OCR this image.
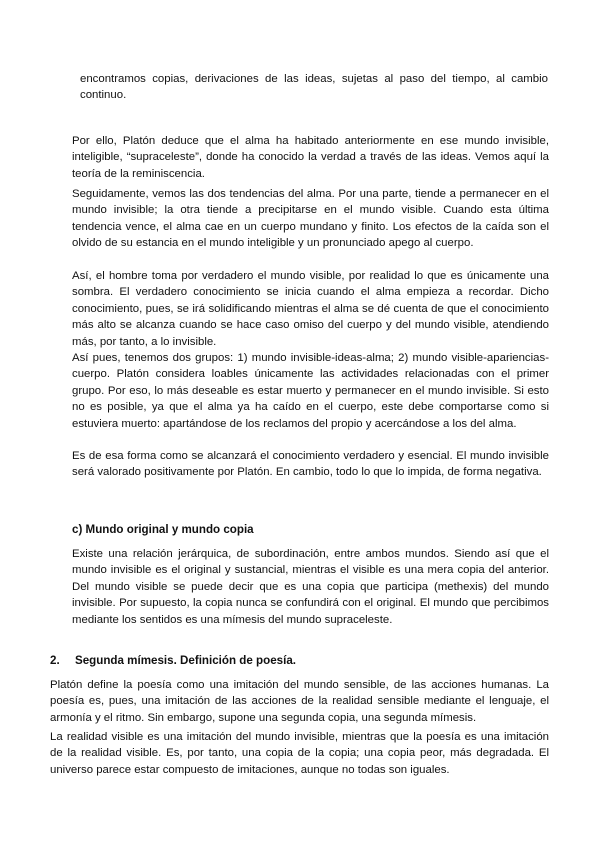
encontramos copias, derivaciones de las ideas, sujetas al paso del tiempo, al cambio continuo.

Por ello, Platón deduce que el alma ha habitado anteriormente en ese mundo invisible, inteligible, “supraceleste”, donde ha conocido la verdad a través de las ideas. Vemos aquí la teoría de la reminiscencia.

Seguidamente, vemos las dos tendencias del alma. Por una parte, tiende a permanecer en el mundo invisible; la otra tiende a precipitarse en el mundo visible. Cuando esta última tendencia vence, el alma cae en un cuerpo mundano y finito. Los efectos de la caída son el olvido de su estancia en el mundo inteligible y un pronunciado apego al cuerpo.

Así, el hombre toma por verdadero el mundo visible, por realidad lo que es únicamente una sombra. El verdadero conocimiento se inicia cuando el alma empieza a recordar. Dicho conocimiento, pues, se irá solidificando mientras el alma se dé cuenta de que el conocimiento más alto se alcanza cuando se hace caso omiso del cuerpo y del mundo visible, atendiendo más, por tanto, a lo invisible.

Así pues, tenemos dos grupos: 1) mundo invisible-ideas-alma; 2) mundo visible-apariencias-cuerpo. Platón considera loables únicamente las actividades relacionadas con el primer grupo. Por eso, lo más deseable es estar muerto y permanecer en el mundo invisible. Si esto no es posible, ya que el alma ya ha caído en el cuerpo, este debe comportarse como si estuviera muerto: apartándose de los reclamos del propio y acercándose a los del alma.

Es de esa forma como se alcanzará el conocimiento verdadero y esencial. El mundo invisible será valorado positivamente por Platón. En cambio, todo lo que lo impida, de forma negativa.

c) Mundo original y mundo copia

Existe una relación jerárquica, de subordinación, entre ambos mundos. Siendo así que el mundo invisible es el original y sustancial, mientras el visible es una mera copia del anterior. Del mundo visible se puede decir que es una copia que participa (methexis) del mundo invisible. Por supuesto, la copia nunca se confundirá con el original. El mundo que percibimos mediante los sentidos es una mímesis del mundo supraceleste.

2. Segunda mímesis. Definición de poesía.

Platón define la poesía como una imitación del mundo sensible, de las acciones humanas. La poesía es, pues, una imitación de las acciones de la realidad sensible mediante el lenguaje, el armonía y el ritmo. Sin embargo, supone una segunda copia, una segunda mímesis.

La realidad visible es una imitación del mundo invisible, mientras que la poesía es una imitación de la realidad visible. Es, por tanto, una copia de la copia; una copia peor, más degradada. El universo parece estar compuesto de imitaciones, aunque no todas son iguales.
